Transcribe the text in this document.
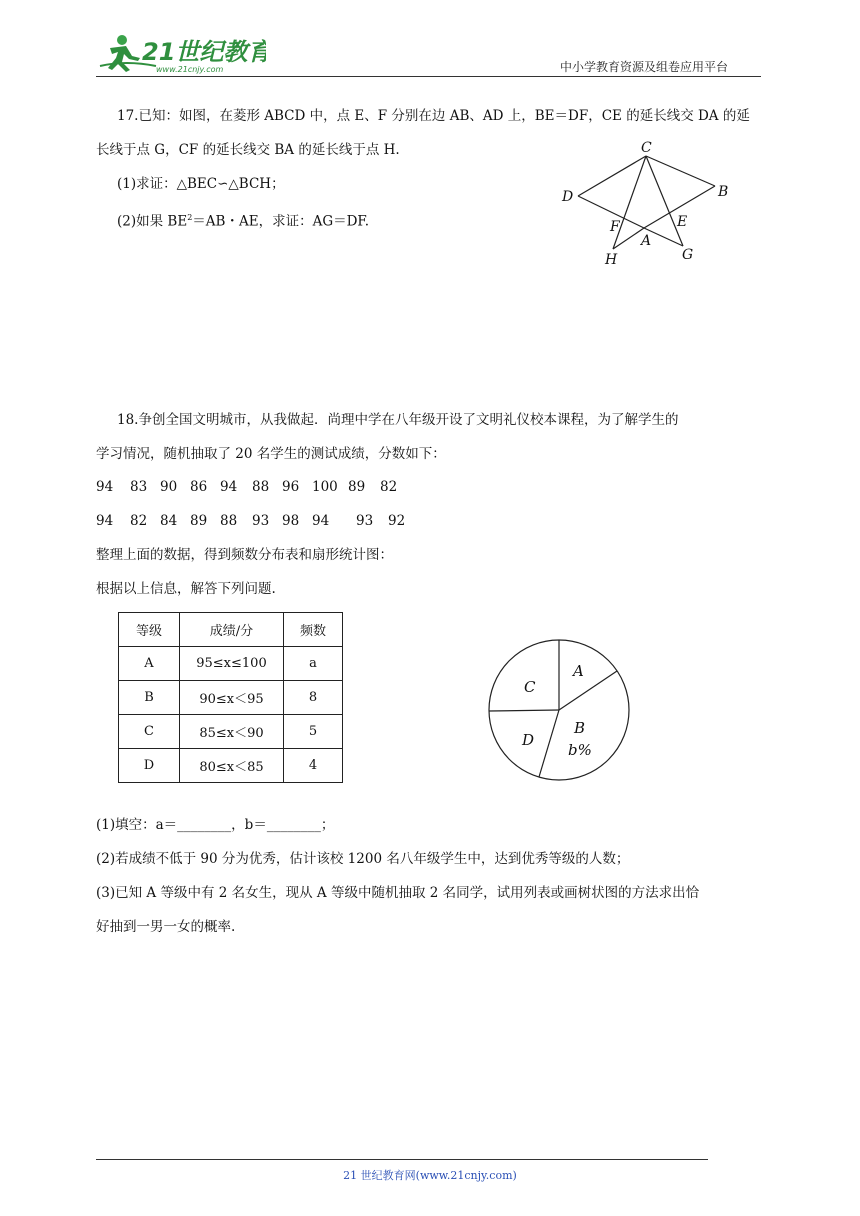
21世纪教育
www.21cnjy.com	中小学教育资源及组卷应用平台
17.已知：如图，在菱形 ABCD 中，点 E、F 分别在边 AB、AD 上，BE＝DF，CE 的延长线交 DA 的延
长线于点 G，CF 的延长线交 BA 的延长线于点 H.
(1)求证：△BEC∽△BCH；
(2)如果 $BE^2=AB$・AE，求证：AG＝DF.
C
D	B
F	E
A
H	G
18.争创全国文明城市，从我做起．尚理中学在八年级开设了文明礼仪校本课程，为了解学生的
学习情况，随机抽取了 20 名学生的测试成绩，分数如下：
94 83 90 86 94 88 96 100 89 82
94 82 84 89 88 93 98 94 93 92
整理上面的数据，得到频数分布表和扇形统计图：
根据以上信息，解答下列问题.
等级	成绩/分	频数
A	95≤x≤100	a
B	90≤x＜95	8
C	85≤x＜90	5
D	80≤x＜85	4
A
C
B
b%
D
(1)填空：a＝________，b＝________；
(2)若成绩不低于 90 分为优秀，估计该校 1200 名八年级学生中，达到优秀等级的人数；
(3)已知 A 等级中有 2 名女生，现从 A 等级中随机抽取 2 名同学，试用列表或画树状图的方法求出恰
好抽到一男一女的概率.
21 世纪教育网(www.21cnjy.com)
